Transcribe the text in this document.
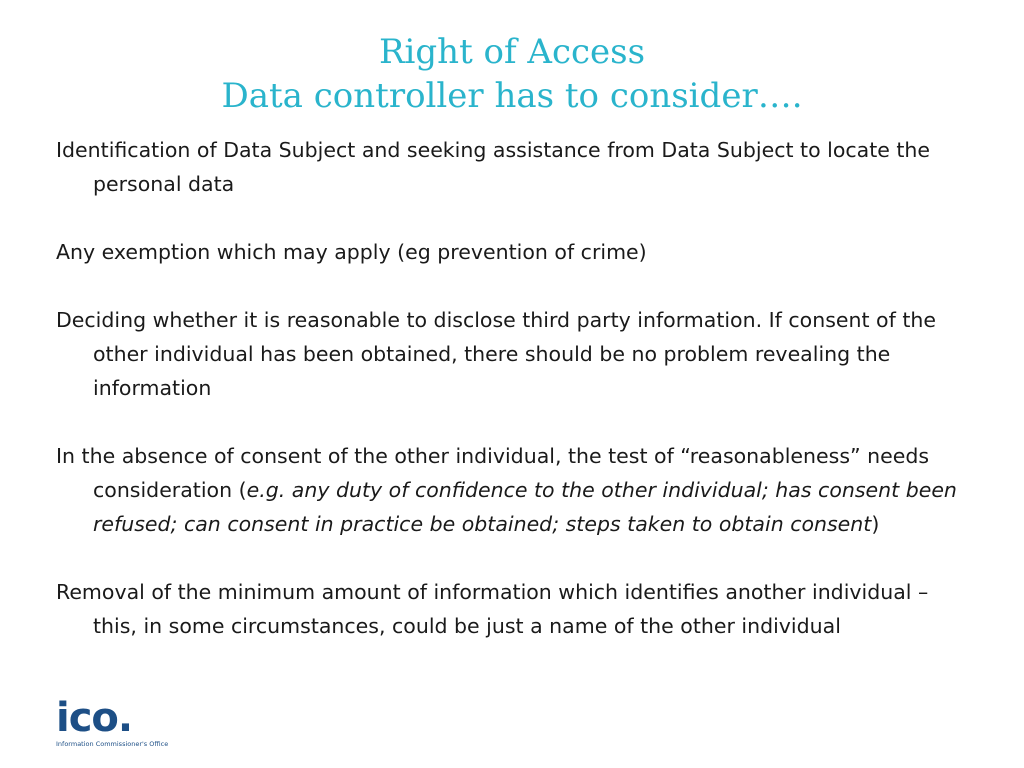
Right of Access
Data controller has to consider….

Identification of Data Subject and seeking assistance from Data Subject to locate the personal data

Any exemption which may apply (eg prevention of crime)

Deciding whether it is reasonable to disclose third party information. If consent of the other individual has been obtained, there should be no problem revealing the information

In the absence of consent of the other individual, the test of “reasonableness” needs consideration (e.g. any duty of confidence to the other individual; has consent been refused; can consent in practice be obtained; steps taken to obtain consent)

Removal of the minimum amount of information which identifies another individual – this, in some circumstances, could be just a name of the other individual

ico.
Information Commissioner's Office
